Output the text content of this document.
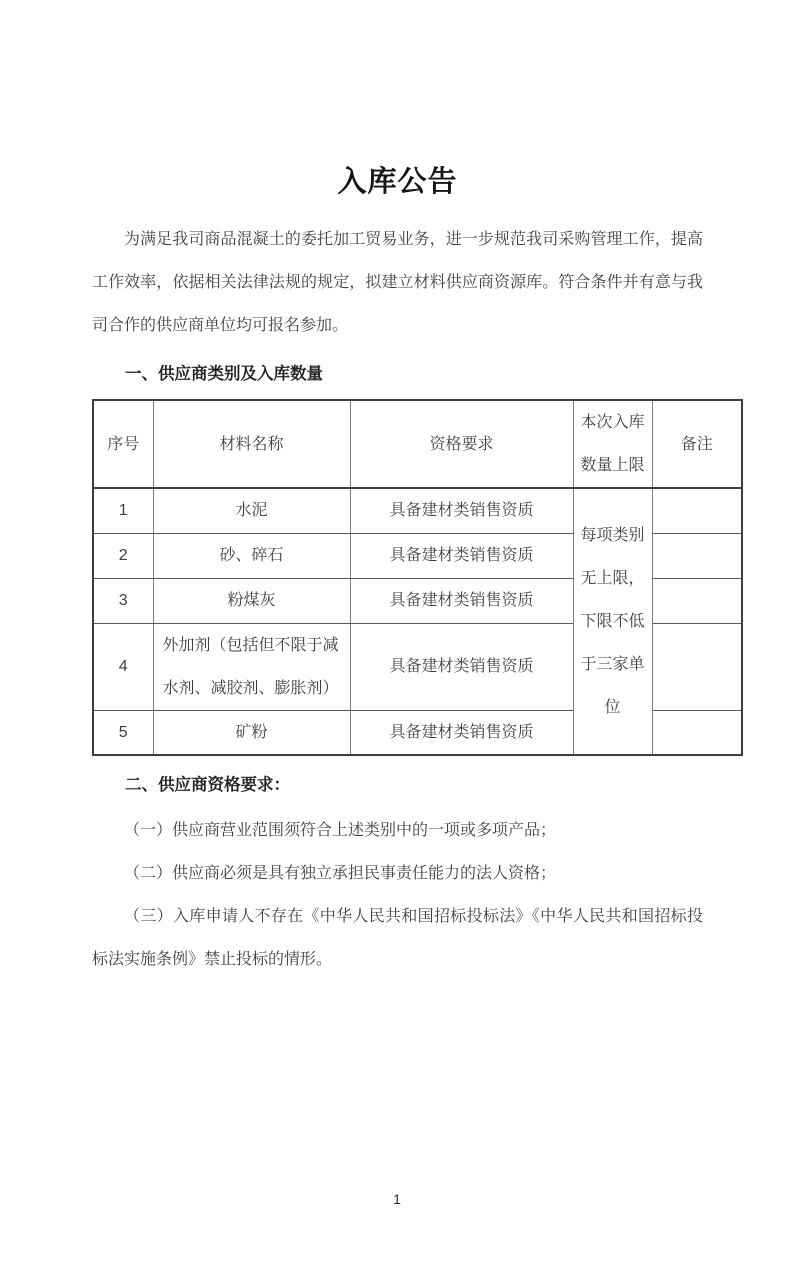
入库公告

为满足我司商品混凝土的委托加工贸易业务，进一步规范我司采购管理工作，提高工作效率，依据相关法律法规的规定，拟建立材料供应商资源库。符合条件并有意与我司合作的供应商单位均可报名参加。

一、供应商类别及入库数量
序号	材料名称	资格要求	本次入库数量上限	备注
1	水泥	具备建材类销售资质	每项类别无上限，下限不低于三家单位	
2	砂、碎石	具备建材类销售资质		
3	粉煤灰	具备建材类销售资质		
4	外加剂（包括但不限于减水剂、减胶剂、膨胀剂）	具备建材类销售资质		
5	矿粉	具备建材类销售资质		
二、供应商资格要求：

（一）供应商营业范围须符合上述类别中的一项或多项产品；

（二）供应商必须是具有独立承担民事责任能力的法人资格；

（三）入库申请人不存在《中华人民共和国招标投标法》《中华人民共和国招标投标法实施条例》禁止投标的情形。

1
